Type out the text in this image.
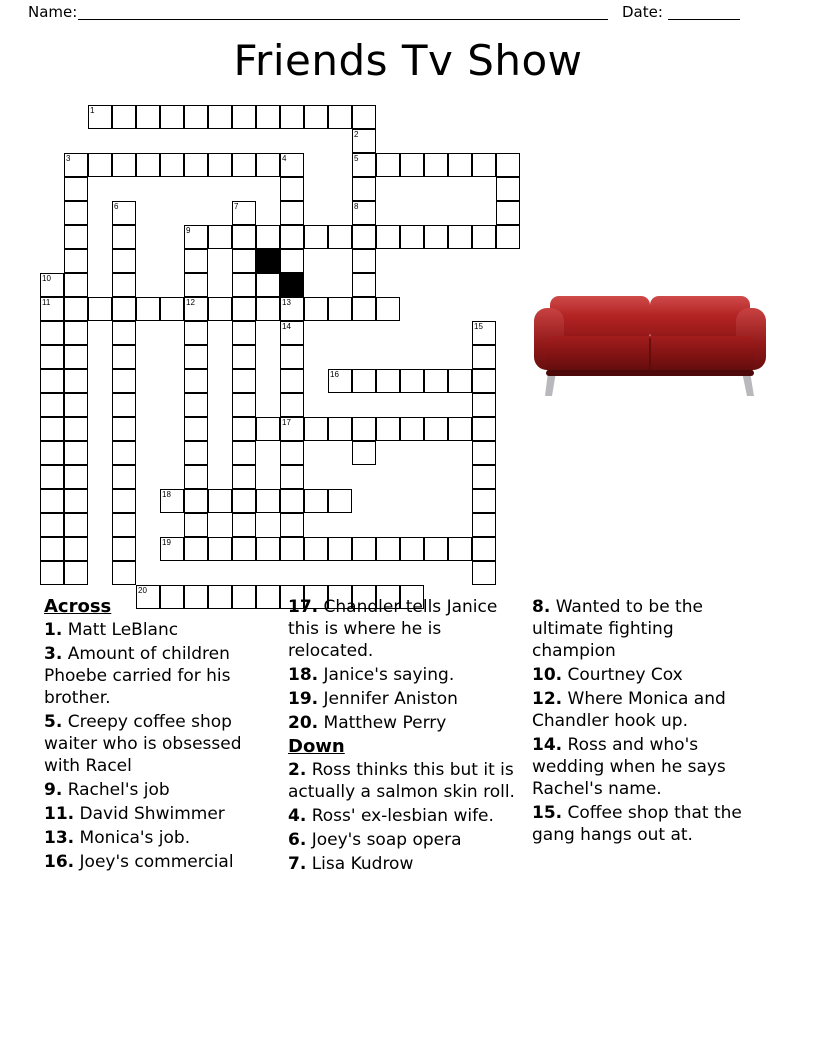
Name:	Date:
Friends Tv Show
1
2
3	4	5
6	7	8
9
10
11	12	13
14	15
16
17
18
19
20
Across
1. Matt LeBlanc
3. Amount of children Phoebe carried for his brother.
5. Creepy coffee shop waiter who is obsessed with Racel
9. Rachel's job
11. David Shwimmer
13. Monica's job.
16. Joey's commercial
17. Chandler tells Janice this is where he is relocated.
18. Janice's saying.
19. Jennifer Aniston
20. Matthew Perry
Down
2. Ross thinks this but it is actually a salmon skin roll.
4. Ross' ex-lesbian wife.
6. Joey's soap opera
7. Lisa Kudrow
8. Wanted to be the ultimate fighting champion
10. Courtney Cox
12. Where Monica and Chandler hook up.
14. Ross and who's wedding when he says Rachel's name.
15. Coffee shop that the gang hangs out at.
